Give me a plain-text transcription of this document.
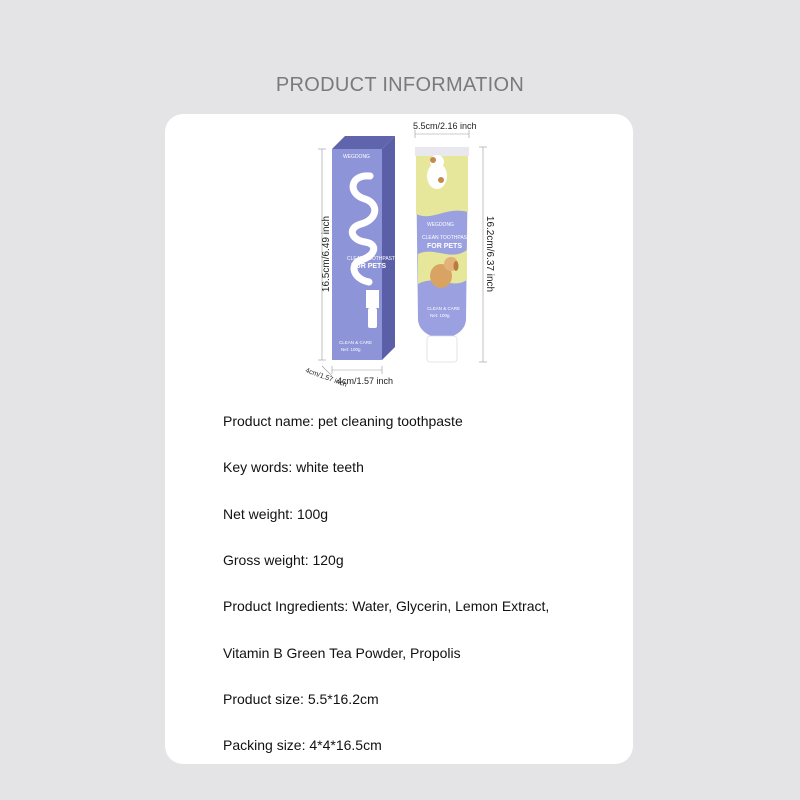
PRODUCT INFORMATION
WEGDONG
CLEAN TOOTHPASTE
FOR PETS
CLEAN & CARE
Net: 100g
WEGDONG
CLEAN TOOTHPASTE
FOR PETS
CLEAN & CARE
Net: 100g
5.5cm/2.16 inch
16.5cm/6.49 inch	16.2cm/6.37 inch
4cm/1.57 inch
4cm/1.57 inch
Product name: pet cleaning toothpaste
Key words: white teeth
Net weight: 100g
Gross weight: 120g
Product Ingredients: Water, Glycerin, Lemon Extract,
Vitamin B Green Tea Powder, Propolis
Product size: 5.5*16.2cm
Packing size: 4*4*16.5cm
